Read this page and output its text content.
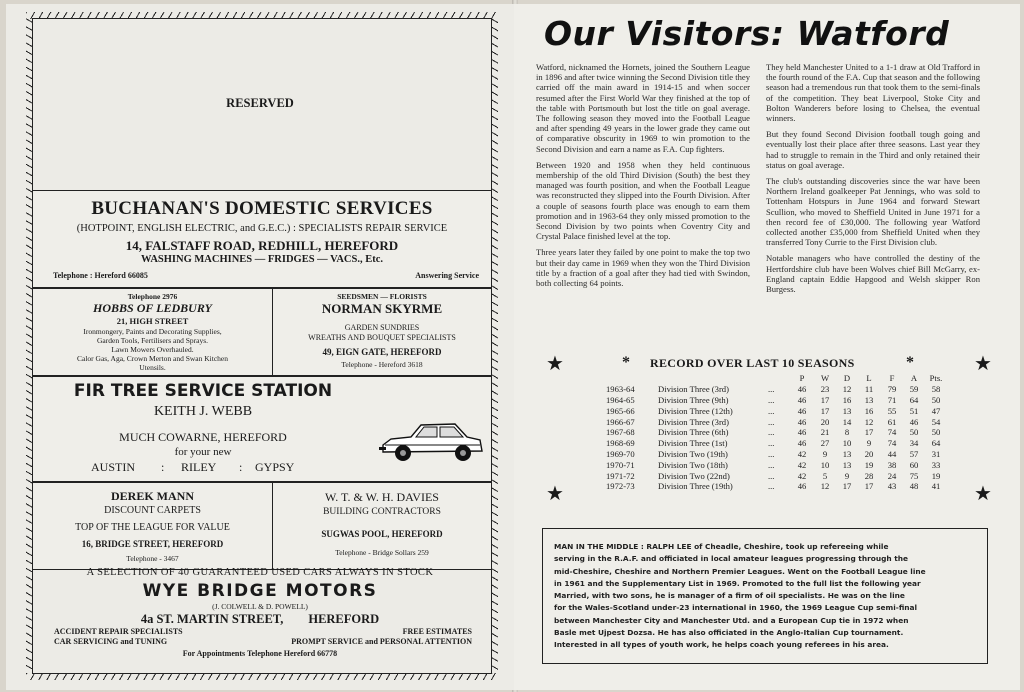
RESERVED
BUCHANAN'S DOMESTIC SERVICES
(HOTPOINT, ENGLISH ELECTRIC, and G.E.C.) : SPECIALISTS REPAIR SERVICE
14, FALSTAFF ROAD, REDHILL, HEREFORD
WASHING MACHINES — FRIDGES — VACS., Etc.
Telephone : Hereford 66085	Answering Service
Telephone 2976
HOBBS OF LEDBURY
21, HIGH STREET
Ironmongery, Paints and Decorating Supplies,
Garden Tools, Fertilisers and Sprays.
Lawn Mowers Overhauled.
Calor Gas, Aga, Crown Merton and Swan Kitchen
Utensils.
SEEDSMEN — FLORISTS
NORMAN SKYRME
GARDEN SUNDRIES
WREATHS AND BOUQUET SPECIALISTS
49, EIGN GATE, HEREFORD
Telephone - Hereford 3618
FIR TREE SERVICE STATION
KEITH J. WEBB
MUCH COWARNE, HEREFORD
for your new
AUSTIN : RILEY : GYPSY
DEREK MANN
DISCOUNT CARPETS
TOP OF THE LEAGUE FOR VALUE
16, BRIDGE STREET, HEREFORD
Telephone - 3467
W. T. & W. H. DAVIES
BUILDING CONTRACTORS
SUGWAS POOL, HEREFORD
Telephone - Bridge Sollars 259
A SELECTION OF 40 GUARANTEED USED CARS ALWAYS IN STOCK
WYE BRIDGE MOTORS
(J. COLWELL & D. POWELL)
4a ST. MARTIN STREET,        HEREFORD
ACCIDENT REPAIR SPECIALISTS
CAR SERVICING and TUNING
FREE ESTIMATES
PROMPT SERVICE and PERSONAL ATTENTION
For Appointments Telephone Hereford 66778
Our Visitors: Watford

Watford, nicknamed the Hornets, joined the Southern League in 1896 and after twice winning the Second Division title they carried off the main award in 1914-15 and when soccer resumed after the First World War they finished at the top of the table with Portsmouth but lost the title on goal average. The following season they moved into the Football League and after spending 49 years in the lower grade they came out of comparative obscurity in 1969 to win promotion to the Second Division and earn a name as F.A. Cup fighters.

Between 1920 and 1958 when they held continuous membership of the old Third Division (South) the best they managed was fourth position, and when the Football League was reconstructed they slipped into the Fourth Division. After a couple of seasons fourth place was enough to earn them promotion and in 1963-64 they only missed promotion to the Second Division by two points when Coventry City and Crystal Palace finished level at the top.

Three years later they failed by one point to make the top two but their day came in 1969 when they won the Third Division title by a fraction of a goal after they had tied with Swindon, both collecting 64 points.

They held Manchester United to a 1-1 draw at Old Trafford in the fourth round of the F.A. Cup that season and the following season had a tremendous run that took them to the semi-finals of the competition. They beat Liverpool, Stoke City and Bolton Wanderers before losing to Chelsea, the eventual winners.

But they found Second Division football tough going and eventually lost their place after three seasons. Last year they had to struggle to remain in the Third and only retained their status on goal average.

The club's outstanding discoveries since the war have been Northern Ireland goalkeeper Pat Jennings, who was sold to Tottenham Hotspurs in June 1964 and forward Stewart Scullion, who moved to Sheffield United in June 1971 for a then record fee of £30,000. The following year Watford collected another £35,000 from Sheffield United when they transferred Tony Currie to the First Division club.

Notable managers who have controlled the destiny of the Hertfordshire club have been Wolves chief Bill McGarry, ex-England captain Eddie Hapgood and Welsh skipper Ron Burgess.

★	★
★	★
*	*
RECORD OVER LAST 10 SEASONS
			P	W	D	L	F	A	Pts.
1963-64	Division Three (3rd)	...	46	23	12	11	79	59	58
1964-65	Division Three (9th)	...	46	17	16	13	71	64	50
1965-66	Division Three (12th)	...	46	17	13	16	55	51	47
1966-67	Division Three (3rd)	...	46	20	14	12	61	46	54
1967-68	Division Three (6th)	...	46	21	8	17	74	50	50
1968-69	Division Three (1st)	...	46	27	10	9	74	34	64
1969-70	Division Two (19th)	...	42	9	13	20	44	57	31
1970-71	Division Two (18th)	...	42	10	13	19	38	60	33
1971-72	Division Two (22nd)	...	42	5	9	28	24	75	19
1972-73	Division Three (19th)	...	46	12	17	17	43	48	41
MAN IN THE MIDDLE : RALPH LEE of Cheadle, Cheshire, took up refereeing while
serving in the R.A.F. and officiated in local amateur leagues progressing through the
mid-Cheshire, Cheshire and Northern Premier Leagues. Went on the Football League line
in 1961 and the Supplementary List in 1969. Promoted to the full list the following year
Married, with two sons, he is manager of a firm of oil specialists. He was on the line
for the Wales-Scotland under-23 international in 1960, the 1969 League Cup semi-final
between Manchester City and Manchester Utd. and a European Cup tie in 1972 when
Basle met Ujpest Dozsa. He has also officiated in the Anglo-Italian Cup tournament.
Interested in all types of youth work, he helps coach young referees in his area.
